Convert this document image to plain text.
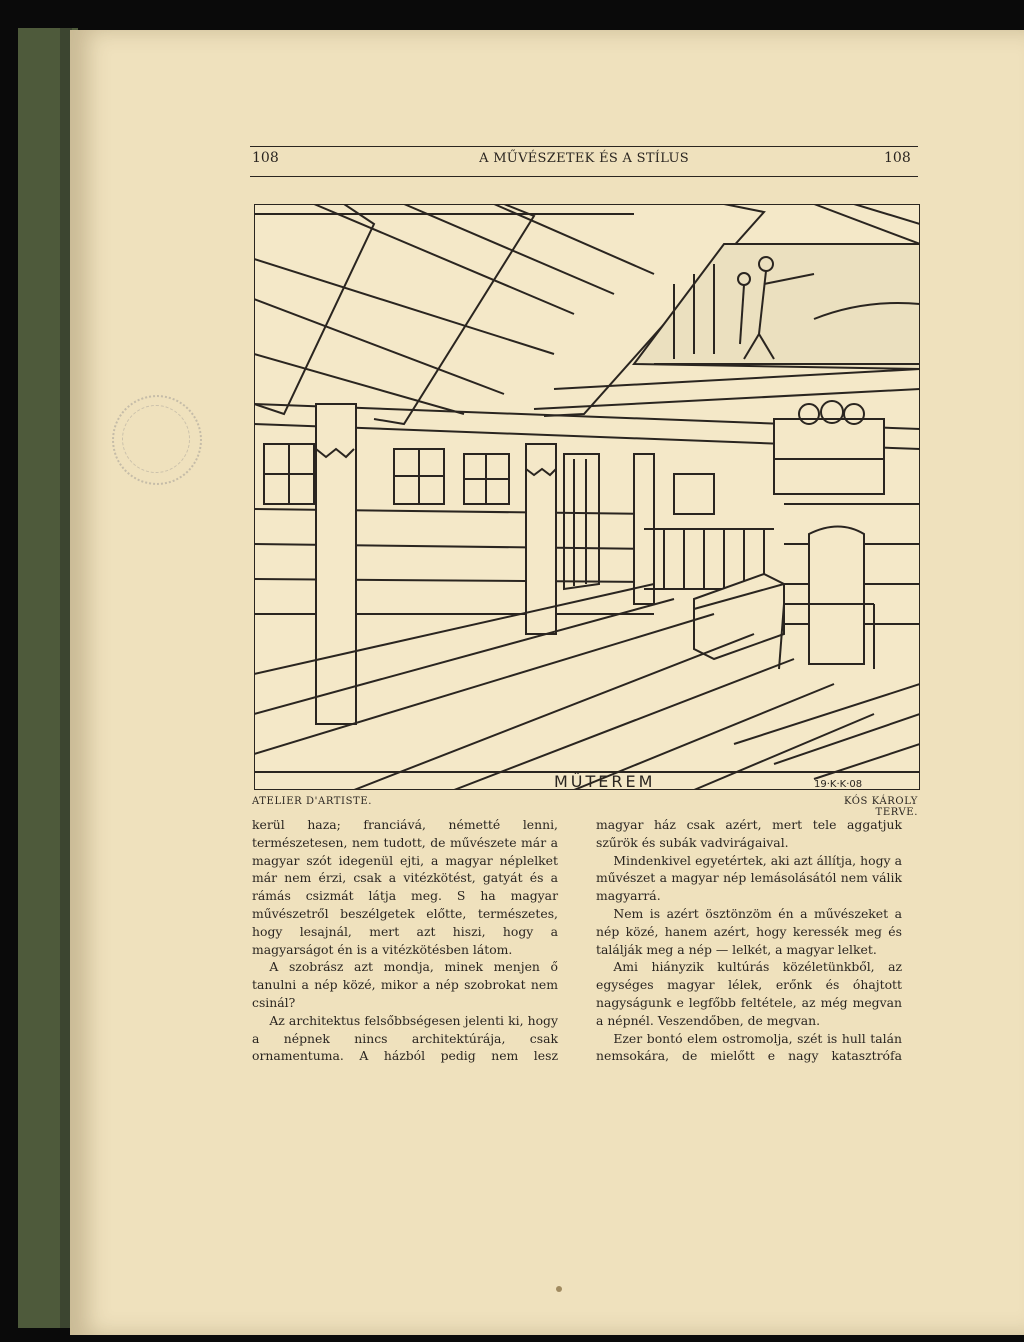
108	A MŰVÉSZETEK ÉS A STÍLUS	108
MŰTEREM	19·K·K·08
ATELIER D'ARTISTE.	KÓS KÁROLY TERVE.

kerül haza; franciává, németté lenni, természetesen, nem tudott, de művészete már a magyar szót idegenül ejti, a magyar néplelket már nem érzi, csak a vitézkötést, gatyát és a rámás csizmát látja meg. S ha magyar művészetről beszélgetek előtte, természetes, hogy lesajnál, mert azt hiszi, hogy a magyarságot én is a vitézkötésben látom.

A szobrász azt mondja, minek menjen ő tanulni a nép közé, mikor a nép szobrokat nem csinál?

Az architektus felsőbbségesen jelenti ki, hogy a népnek nincs architektúrája, csak ornamentuma. A házból pedig nem lesz

magyar ház csak azért, mert tele aggatjuk szűrök és subák vadvirágaival.

Mindenkivel egyetértek, aki azt állítja, hogy a művészet a magyar nép lemásolásától nem válik magyarrá.

Nem is azért ösztönzöm én a művészeket a nép közé, hanem azért, hogy keressék meg és találják meg a nép — lelkét, a magyar lelket.

Ami hiányzik kultúrás közéletünkből, az egységes magyar lélek, erőnk és óhajtott nagyságunk e legfőbb feltétele, az még megvan a népnél. Veszendőben, de megvan.

Ezer bontó elem ostromolja, szét is hull talán nemsokára, de mielőtt e nagy katasztrófa
